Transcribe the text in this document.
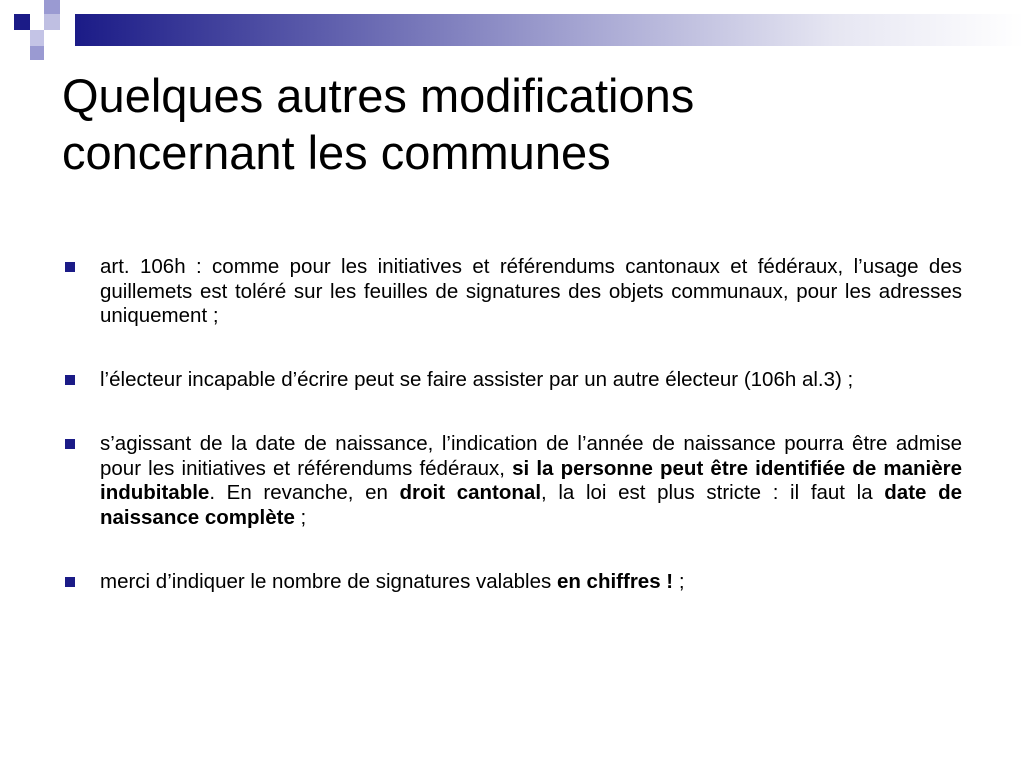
Quelques autres modifications
concernant les communes
art. 106h : comme pour les initiatives et référendums cantonaux et fédéraux, l’usage des guillemets est toléré sur les feuilles de signatures des objets communaux, pour les adresses uniquement ;
l’électeur incapable d’écrire peut se faire assister par un autre électeur (106h al.3) ;
s’agissant de la date de naissance, l’indication de l’année de naissance pourra être admise pour les initiatives et référendums fédéraux, si la personne peut être identifiée de manière indubitable. En revanche, en droit cantonal, la loi est plus stricte : il faut la date de naissance complète ;
merci d’indiquer le nombre de signatures valables en chiffres ! ;
